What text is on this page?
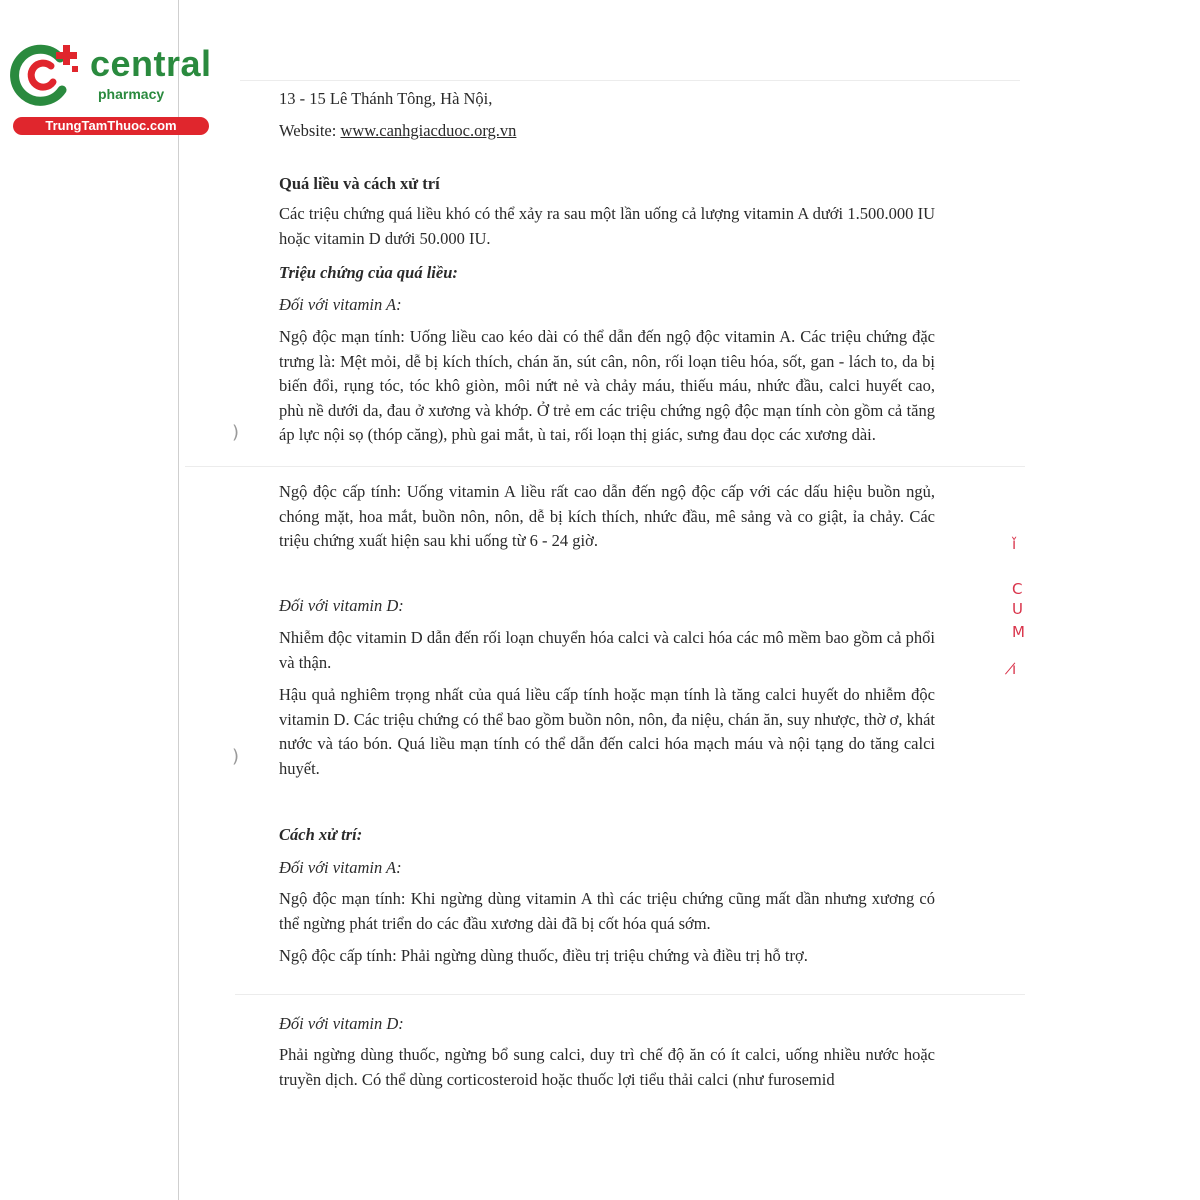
)
)
central
pharmacy
TrungTamThuoc.com

13 - 15 Lê Thánh Tông, Hà Nội,

Website: www.canhgiacduoc.org.vn

Quá liều và cách xử trí

Các triệu chứng quá liều khó có thể xảy ra sau một lần uống cả lượng vitamin A dưới 1.500.000 IU hoặc vitamin D dưới 50.000 IU.

Triệu chứng của quá liều:

Đối với vitamin A:

Ngộ độc mạn tính: Uống liều cao kéo dài có thể dẫn đến ngộ độc vitamin A. Các triệu chứng đặc trưng là: Mệt mỏi, dễ bị kích thích, chán ăn, sút cân, nôn, rối loạn tiêu hóa, sốt, gan - lách to, da bị biến đổi, rụng tóc, tóc khô giòn, môi nứt nẻ và chảy máu, thiếu máu, nhức đầu, calci huyết cao, phù nề dưới da, đau ở xương và khớp. Ở trẻ em các triệu chứng ngộ độc mạn tính còn gồm cả tăng áp lực nội sọ (thóp căng), phù gai mắt, ù tai, rối loạn thị giác, sưng đau dọc các xương dài.

Ngộ độc cấp tính: Uống vitamin A liều rất cao dẫn đến ngộ độc cấp với các dấu hiệu buồn ngủ, chóng mặt, hoa mắt, buồn nôn, nôn, dễ bị kích thích, nhức đầu, mê sảng và co giật, ỉa chảy. Các triệu chứng xuất hiện sau khi uống từ 6 - 24 giờ.

Đối với vitamin D:

Nhiễm độc vitamin D dẫn đến rối loạn chuyển hóa calci và calci hóa các mô mềm bao gồm cả phổi và thận.

Hậu quả nghiêm trọng nhất của quá liều cấp tính hoặc mạn tính là tăng calci huyết do nhiễm độc vitamin D. Các triệu chứng có thể bao gồm buồn nôn, nôn, đa niệu, chán ăn, suy nhược, thờ ơ, khát nước và táo bón. Quá liều mạn tính có thể dẫn đến calci hóa mạch máu và nội tạng do tăng calci huyết.

Cách xử trí:

Đối với vitamin A:

Ngộ độc mạn tính: Khi ngừng dùng vitamin A thì các triệu chứng cũng mất dần nhưng xương có thể ngừng phát triển do các đầu xương dài đã bị cốt hóa quá sớm.

Ngộ độc cấp tính: Phải ngừng dùng thuốc, điều trị triệu chứng và điều trị hỗ trợ.

Đối với vitamin D:

Phải ngừng dùng thuốc, ngừng bổ sung calci, duy trì chế độ ăn có ít calci, uống nhiều nước hoặc truyền dịch. Có thể dùng corticosteroid hoặc thuốc lợi tiểu thải calci (như furosemid

ǐ
C
U
M
ı̸
